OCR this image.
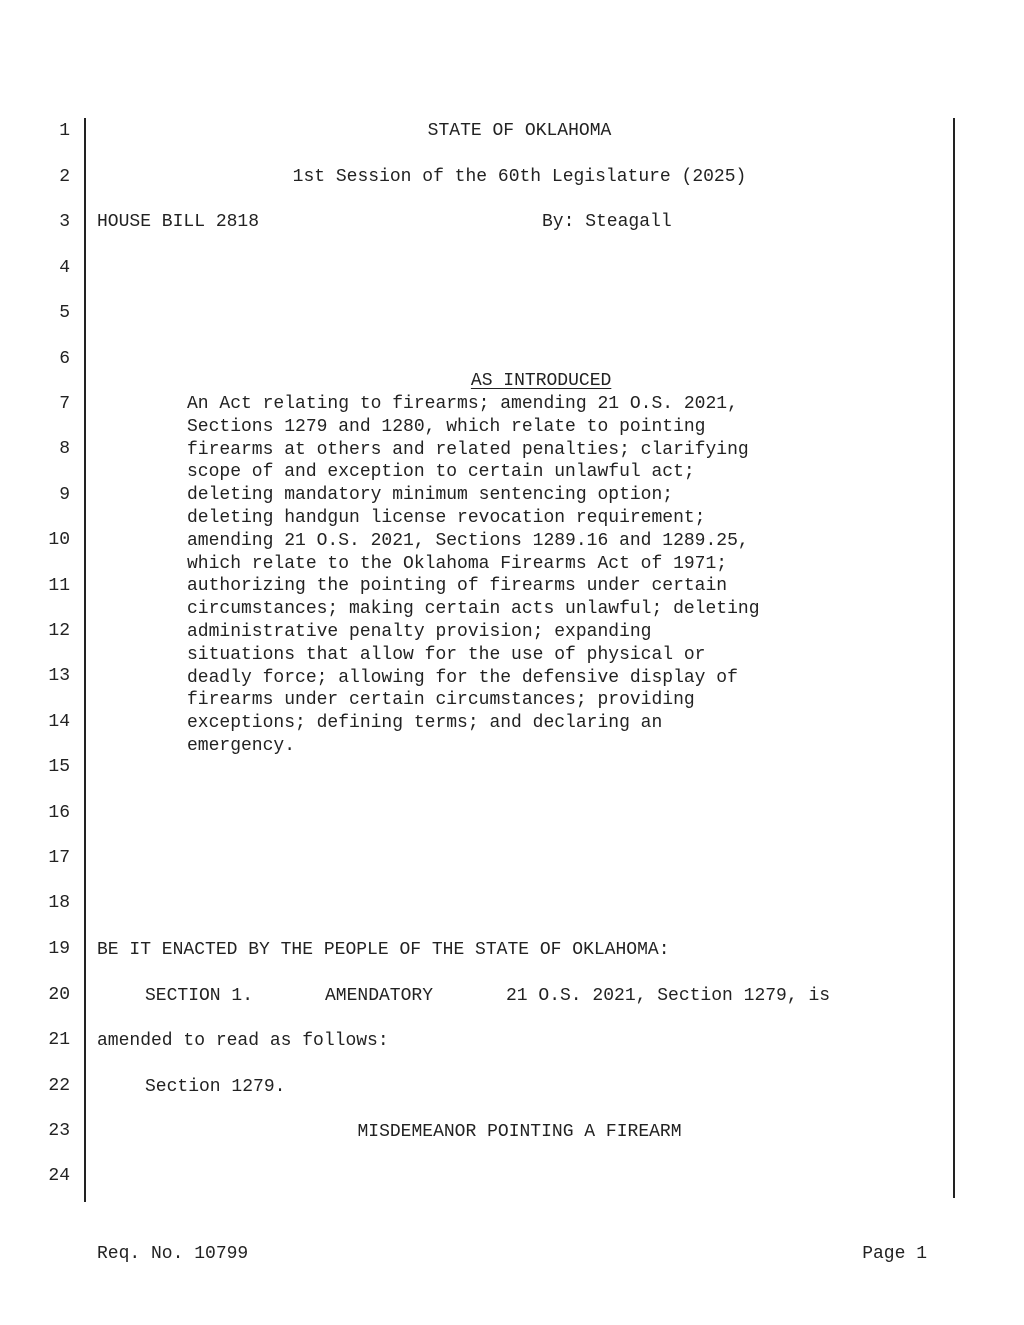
1
2
3
4
5
6
7
8
9
10
11
12
13
14
15
16
17
18
19
20
21
22
23
24
STATE OF OKLAHOMA
1st Session of the 60th Legislature (2025)
HOUSE BILL 2818	By: Steagall

AS INTRODUCED

An Act relating to firearms; amending 21 O.S. 2021,
Sections 1279 and 1280, which relate to pointing
firearms at others and related penalties; clarifying
scope of and exception to certain unlawful act;
deleting mandatory minimum sentencing option;
deleting handgun license revocation requirement;
amending 21 O.S. 2021, Sections 1289.16 and 1289.25,
which relate to the Oklahoma Firearms Act of 1971;
authorizing the pointing of firearms under certain
circumstances; making certain acts unlawful; deleting
administrative penalty provision; expanding
situations that allow for the use of physical or
deadly force; allowing for the defensive display of
firearms under certain circumstances; providing
exceptions; defining terms; and declaring an
emergency.
BE IT ENACTED BY THE PEOPLE OF THE STATE OF OKLAHOMA:
SECTION 1.	AMENDATORY	21 O.S. 2021, Section 1279, is
amended to read as follows:
Section 1279.
MISDEMEANOR POINTING A FIREARM
Req. No. 10799	Page 1
